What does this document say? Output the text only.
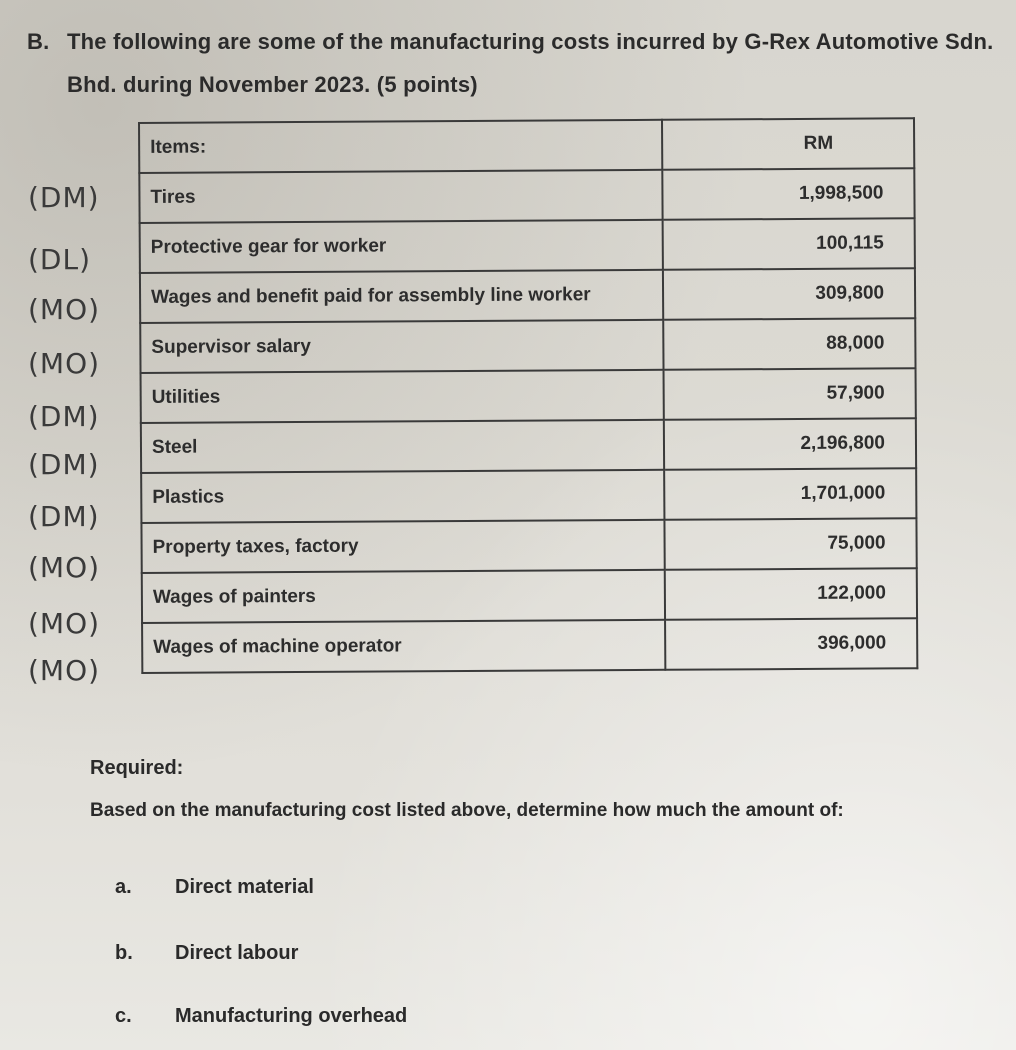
B. The following are some of the manufacturing costs incurred by G-Rex Automotive Sdn.
Bhd. during November 2023. (5 points)
Items:	RM
Tires	1,998,500
Protective gear for worker	100,115
Wages and benefit paid for assembly line worker	309,800
Supervisor salary	88,000
Utilities	57,900
Steel	2,196,800
Plastics	1,701,000
Property taxes, factory	75,000
Wages of painters	122,000
Wages of machine operator	396,000
(DM)
(DL)
(MO)
(MO)
(DM)
(DM)
(DM)
(MO)
(MO)
(MO)
Required:
Based on the manufacturing cost listed above, determine how much the amount of:
a. Direct material
b. Direct labour
c. Manufacturing overhead
